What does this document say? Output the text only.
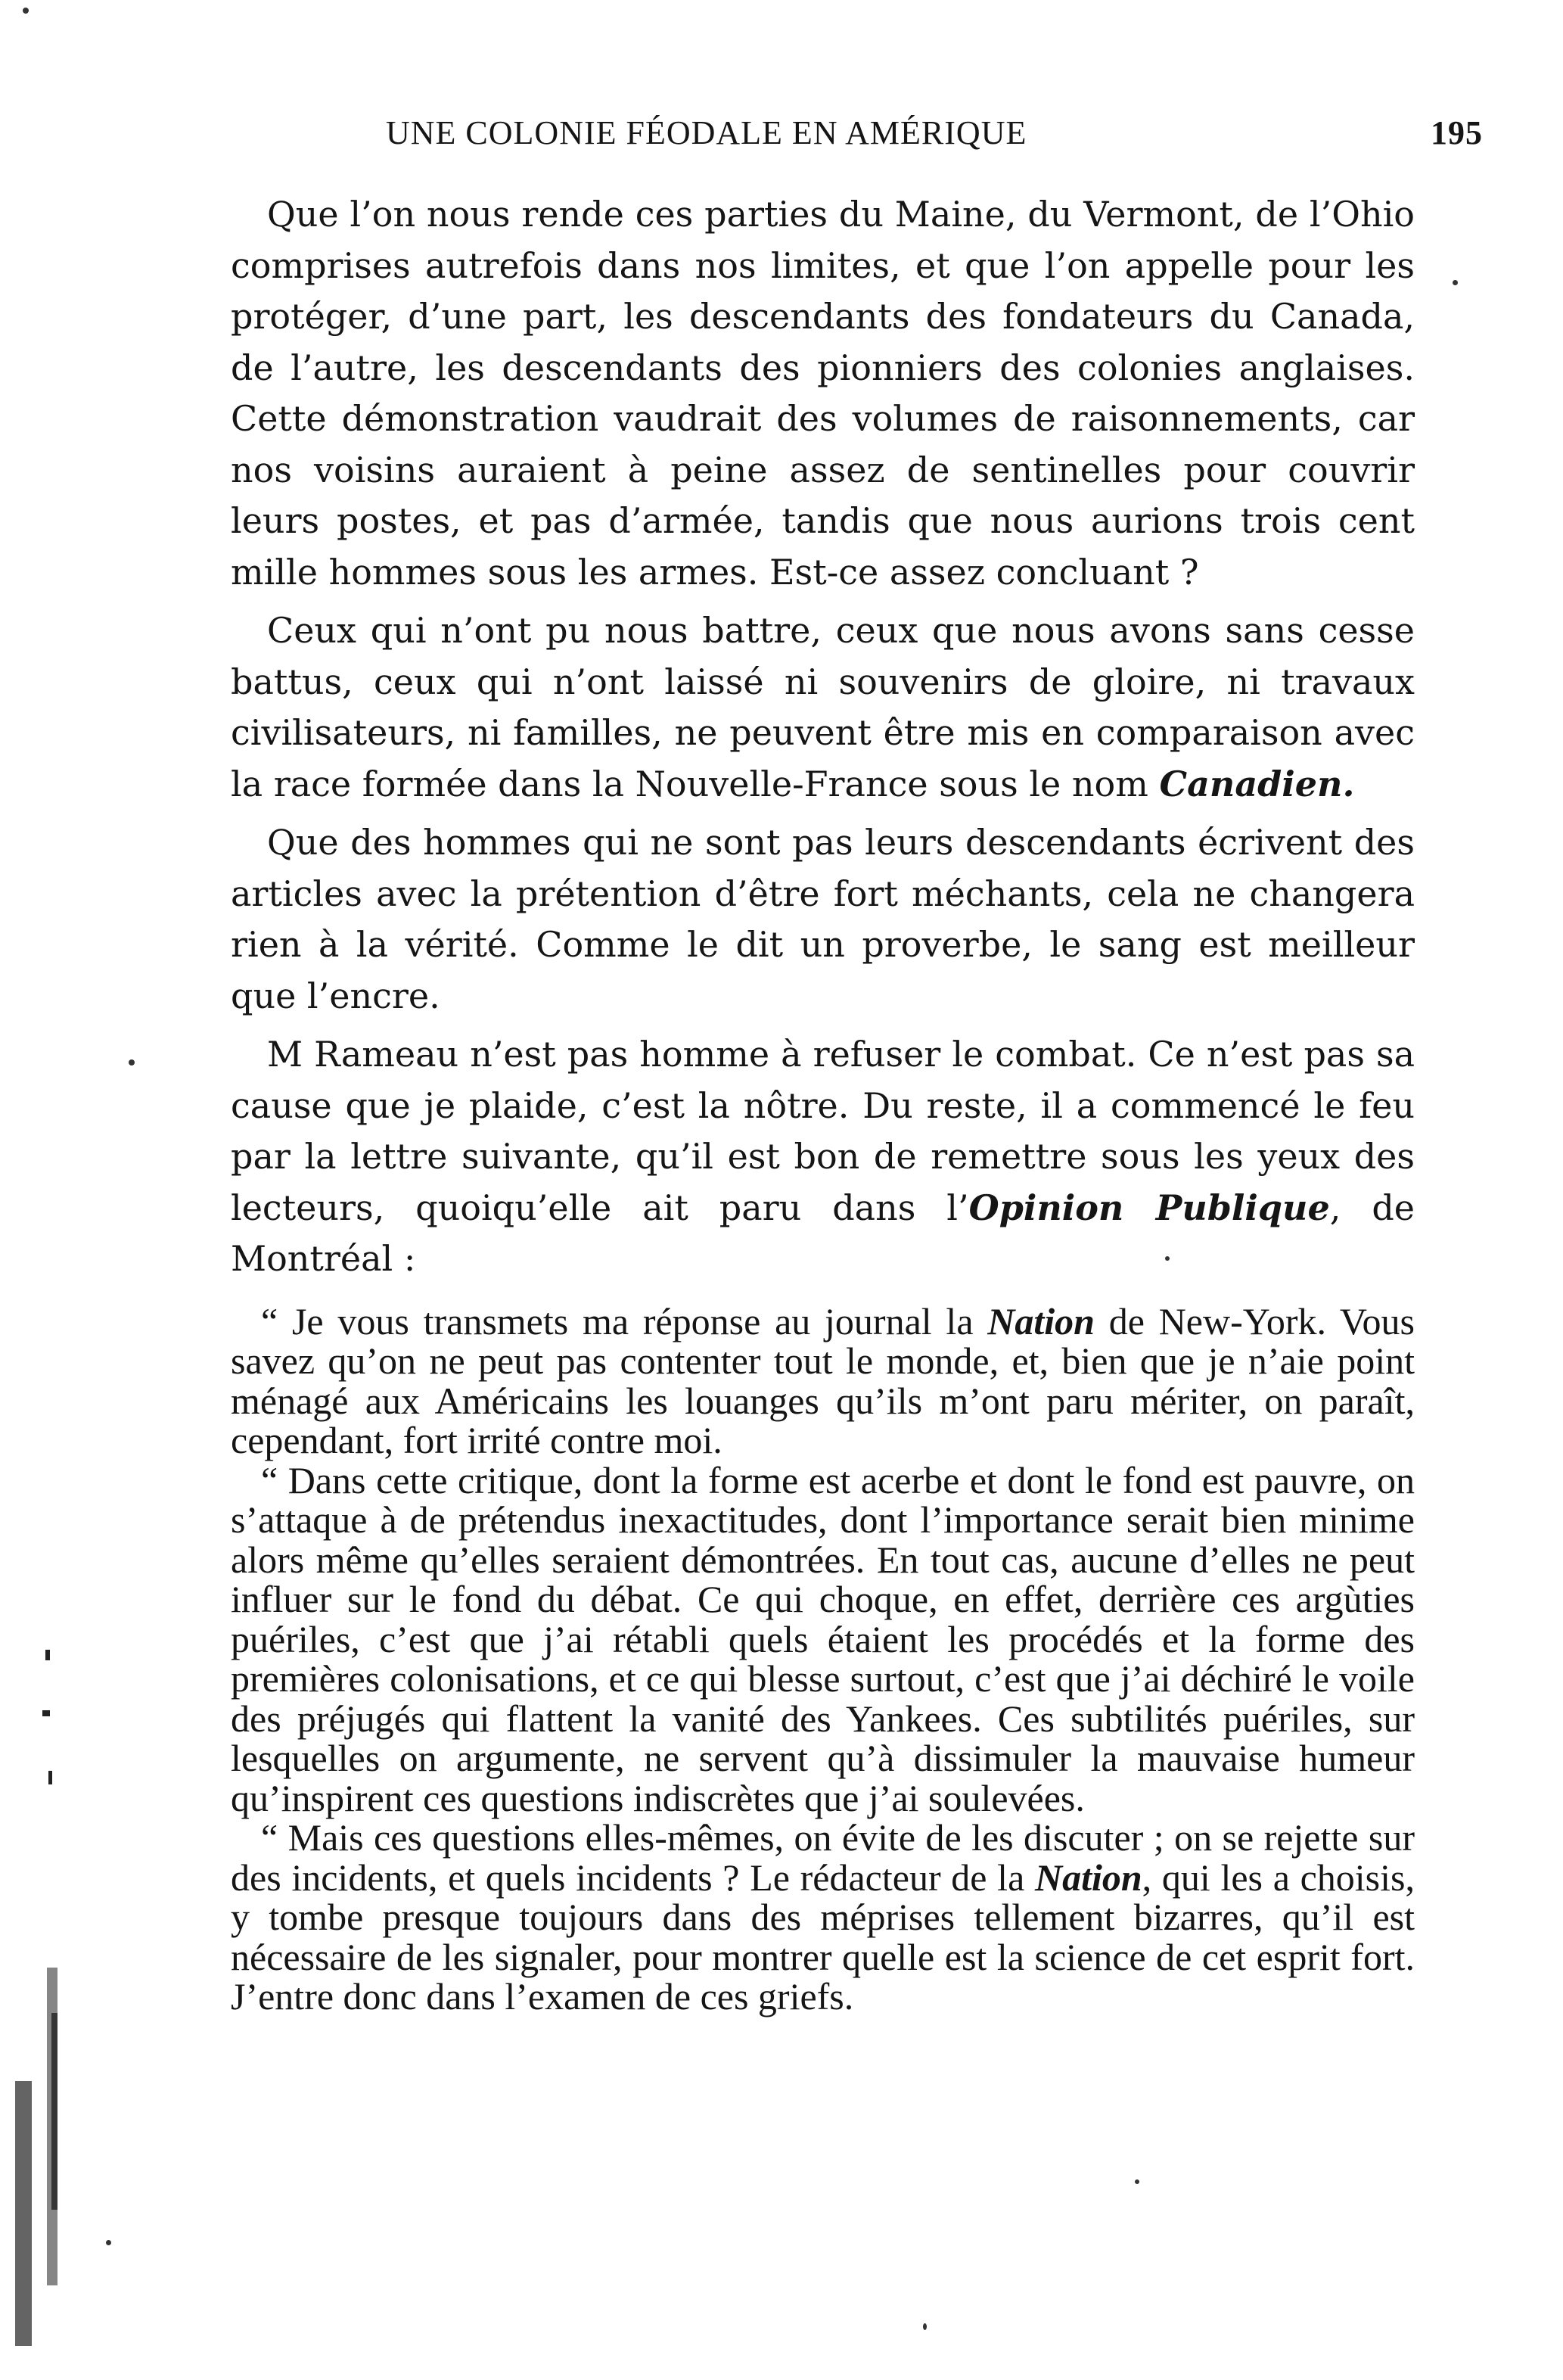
UNE COLONIE FÉODALE EN AMÉRIQUE	195

Que l’on nous rende ces parties du Maine, du Vermont, de l’Ohio comprises autrefois dans nos limites, et que l’on appelle pour les protéger, d’une part, les descendants des fondateurs du Canada, de l’autre, les descendants des pionniers des colonies anglaises. Cette démonstration vaudrait des volumes de raisonnements, car nos voisins auraient à peine assez de sentinelles pour couvrir leurs postes, et pas d’armée, tandis que nous aurions trois cent mille hommes sous les armes. Est-ce assez concluant ?

Ceux qui n’ont pu nous battre, ceux que nous avons sans cesse battus, ceux qui n’ont laissé ni souvenirs de gloire, ni travaux civilisateurs, ni familles, ne peuvent être mis en comparaison avec la race formée dans la Nouvelle-France sous le nom Canadien.

Que des hommes qui ne sont pas leurs descendants écrivent des articles avec la prétention d’être fort méchants, cela ne changera rien à la vérité. Comme le dit un proverbe, le sang est meilleur que l’encre.

M Rameau n’est pas homme à refuser le combat. Ce n’est pas sa cause que je plaide, c’est la nôtre. Du reste, il a commencé le feu par la lettre suivante, qu’il est bon de remettre sous les yeux des lecteurs, quoiqu’elle ait paru dans l’Opinion Publique, de Montréal :

“ Je vous transmets ma réponse au journal la Nation de New-York. Vous savez qu’on ne peut pas contenter tout le monde, et, bien que je n’aie point ménagé aux Américains les louanges qu’ils m’ont paru mériter, on paraît, cependant, fort irrité contre moi.

“ Dans cette critique, dont la forme est acerbe et dont le fond est pauvre, on s’attaque à de prétendus inexactitudes, dont l’importance serait bien minime alors même qu’elles seraient démontrées. En tout cas, aucune d’elles ne peut influer sur le fond du débat. Ce qui choque, en effet, derrière ces argùties puériles, c’est que j’ai rétabli quels étaient les procédés et la forme des premières colonisations, et ce qui blesse surtout, c’est que j’ai déchiré le voile des préjugés qui flattent la vanité des Yankees. Ces subtilités puériles, sur lesquelles on argumente, ne servent qu’à dissimuler la mauvaise humeur qu’inspirent ces questions indiscrètes que j’ai soulevées.

“ Mais ces questions elles-mêmes, on évite de les discuter ; on se rejette sur des incidents, et quels incidents ? Le rédacteur de la Nation, qui les a choisis, y tombe presque toujours dans des méprises tellement bizarres, qu’il est nécessaire de les signaler, pour montrer quelle est la science de cet esprit fort. J’entre donc dans l’examen de ces griefs.
